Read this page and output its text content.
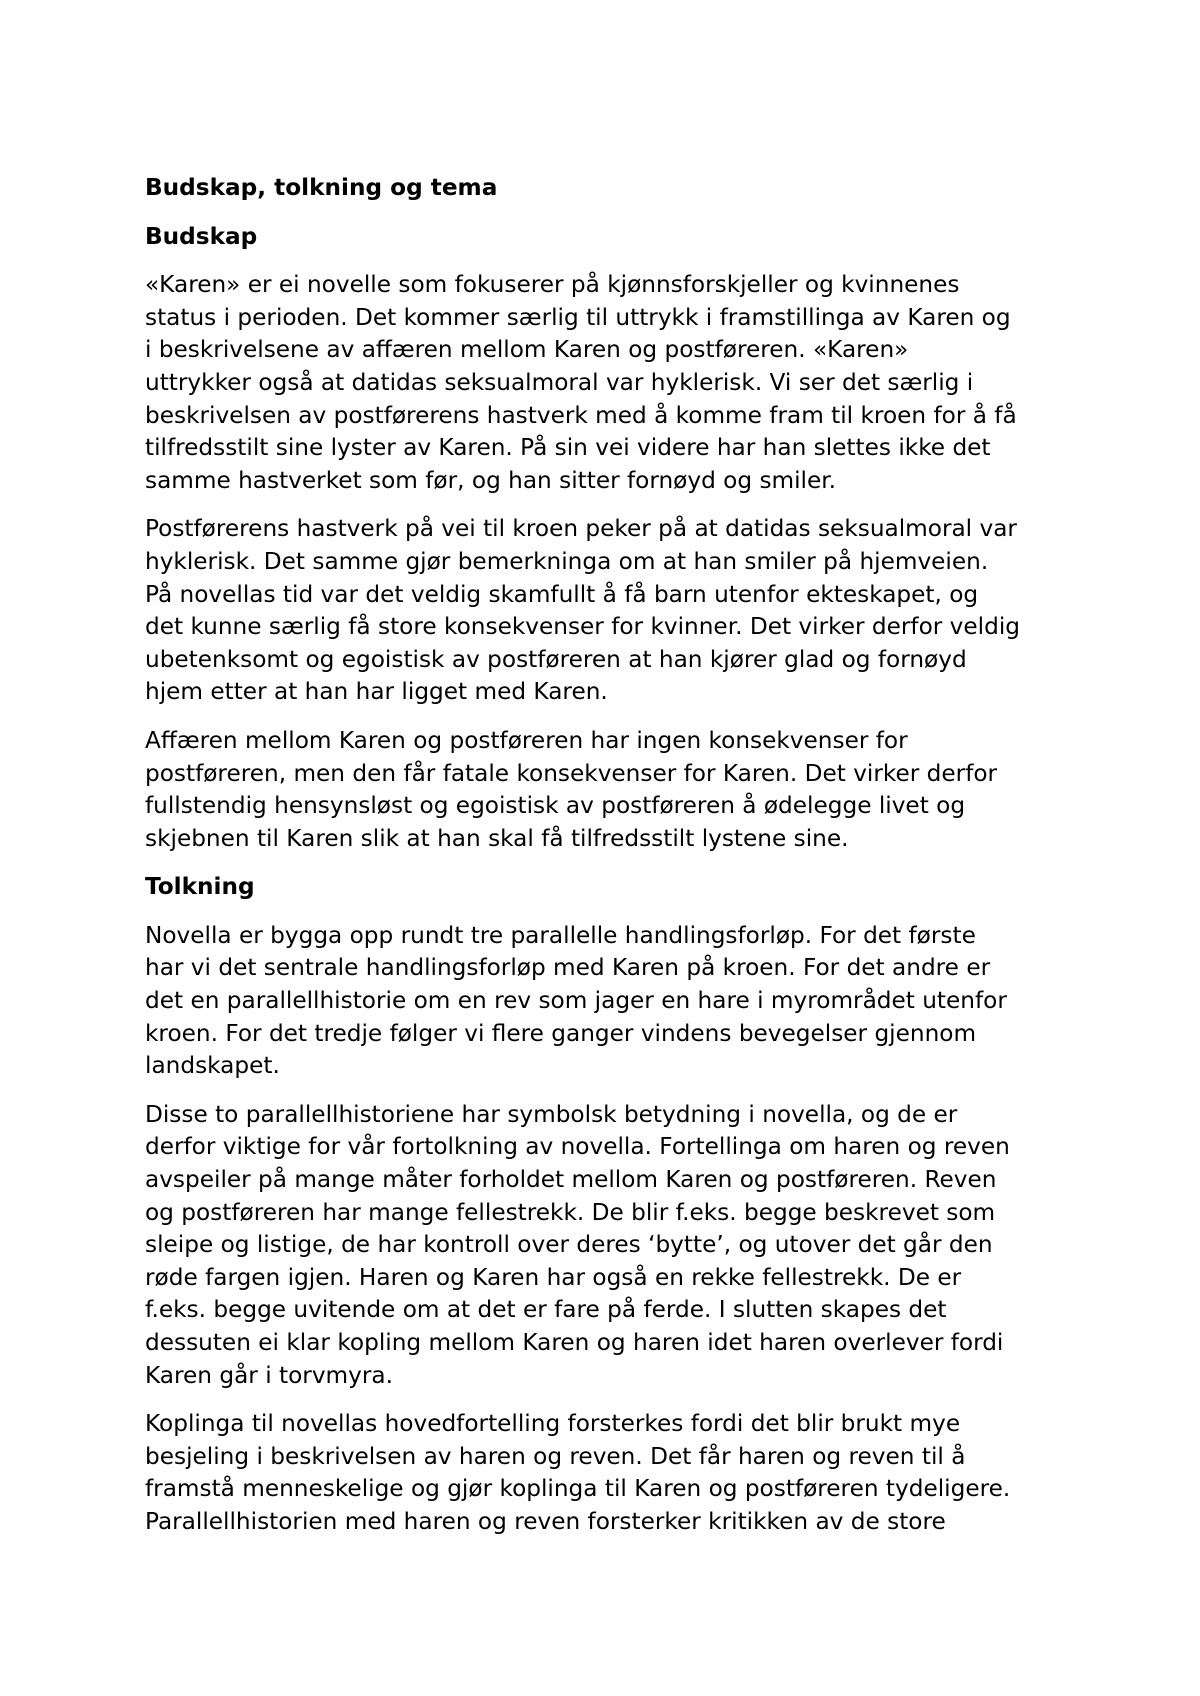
Budskap, tolkning og tema
Budskap
«Karen» er ei novelle som fokuserer på kjønnsforskjeller og kvinnenes
status i perioden. Det kommer særlig til uttrykk i framstillinga av Karen og
i beskrivelsene av affæren mellom Karen og postføreren. «Karen»
uttrykker også at datidas seksualmoral var hyklerisk. Vi ser det særlig i
beskrivelsen av postførerens hastverk med å komme fram til kroen for å få
tilfredsstilt sine lyster av Karen. På sin vei videre har han slettes ikke det
samme hastverket som før, og han sitter fornøyd og smiler.
Postførerens hastverk på vei til kroen peker på at datidas seksualmoral var
hyklerisk. Det samme gjør bemerkninga om at han smiler på hjemveien.
På novellas tid var det veldig skamfullt å få barn utenfor ekteskapet, og
det kunne særlig få store konsekvenser for kvinner. Det virker derfor veldig
ubetenksomt og egoistisk av postføreren at han kjører glad og fornøyd
hjem etter at han har ligget med Karen.
Affæren mellom Karen og postføreren har ingen konsekvenser for
postføreren, men den får fatale konsekvenser for Karen. Det virker derfor
fullstendig hensynsløst og egoistisk av postføreren å ødelegge livet og
skjebnen til Karen slik at han skal få tilfredsstilt lystene sine.
Tolkning
Novella er bygga opp rundt tre parallelle handlingsforløp. For det første
har vi det sentrale handlingsforløp med Karen på kroen. For det andre er
det en parallellhistorie om en rev som jager en hare i myrområdet utenfor
kroen. For det tredje følger vi flere ganger vindens bevegelser gjennom
landskapet.
Disse to parallellhistoriene har symbolsk betydning i novella, og de er
derfor viktige for vår fortolkning av novella. Fortellinga om haren og reven
avspeiler på mange måter forholdet mellom Karen og postføreren. Reven
og postføreren har mange fellestrekk. De blir f.eks. begge beskrevet som
sleipe og listige, de har kontroll over deres ‘bytte’, og utover det går den
røde fargen igjen. Haren og Karen har også en rekke fellestrekk. De er
f.eks. begge uvitende om at det er fare på ferde. I slutten skapes det
dessuten ei klar kopling mellom Karen og haren idet haren overlever fordi
Karen går i torvmyra.
Koplinga til novellas hovedfortelling forsterkes fordi det blir brukt mye
besjeling i beskrivelsen av haren og reven. Det får haren og reven til å
framstå menneskelige og gjør koplinga til Karen og postføreren tydeligere.
Parallellhistorien med haren og reven forsterker kritikken av de store
